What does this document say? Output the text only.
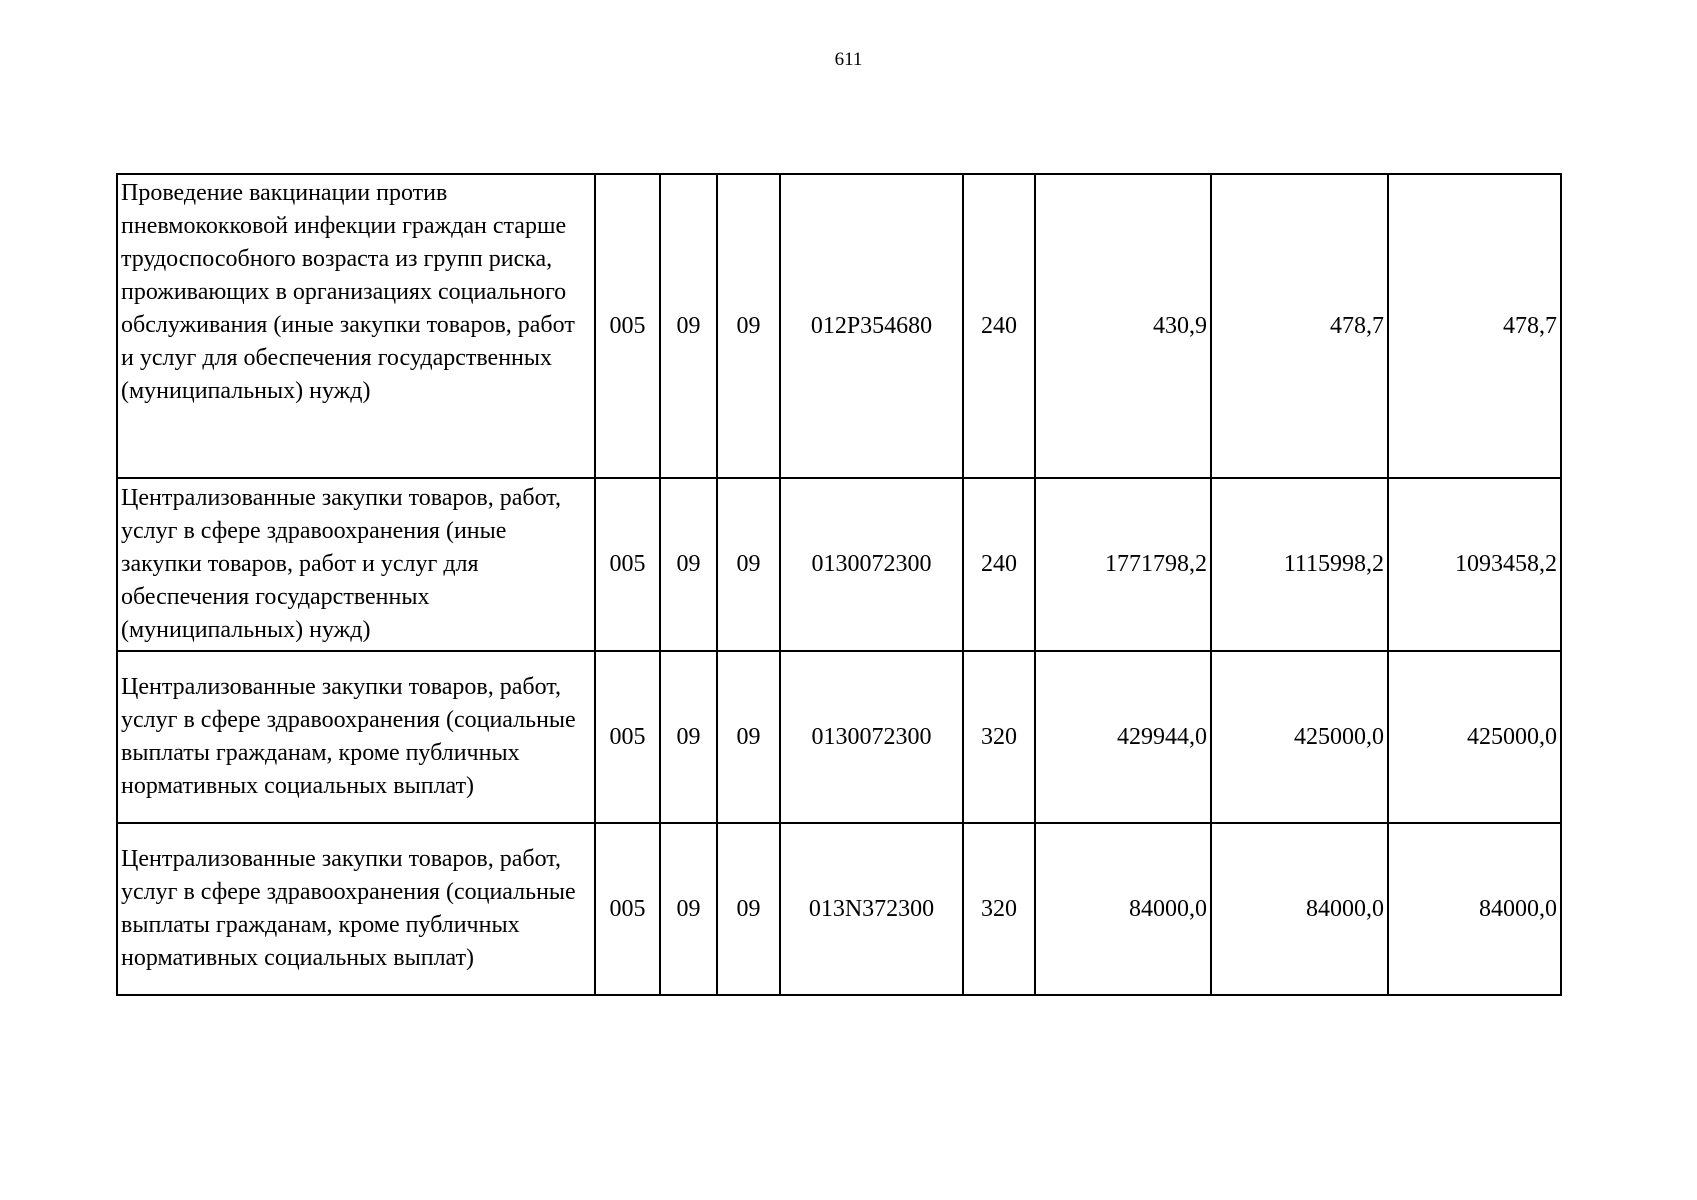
611
Проведение вакцинации против пневмококковой инфекции граждан старше трудоспособного возраста из групп риска, проживающих в организациях социального обслуживания (иные закупки товаров, работ и услуг для обеспечения государственных (муниципальных) нужд)	005	09	09	012P354680	240	430,9	478,7	478,7
Централизованные закупки товаров, работ, услуг в сфере здравоохранения (иные закупки товаров, работ и услуг для обеспечения государственных (муниципальных) нужд)	005	09	09	0130072300	240	1771798,2	1115998,2	1093458,2
Централизованные закупки товаров, работ, услуг в сфере здравоохранения (социальные выплаты гражданам, кроме публичных нормативных социальных выплат)	005	09	09	0130072300	320	429944,0	425000,0	425000,0
Централизованные закупки товаров, работ, услуг в сфере здравоохранения (социальные выплаты гражданам, кроме публичных нормативных социальных выплат)	005	09	09	013N372300	320	84000,0	84000,0	84000,0
